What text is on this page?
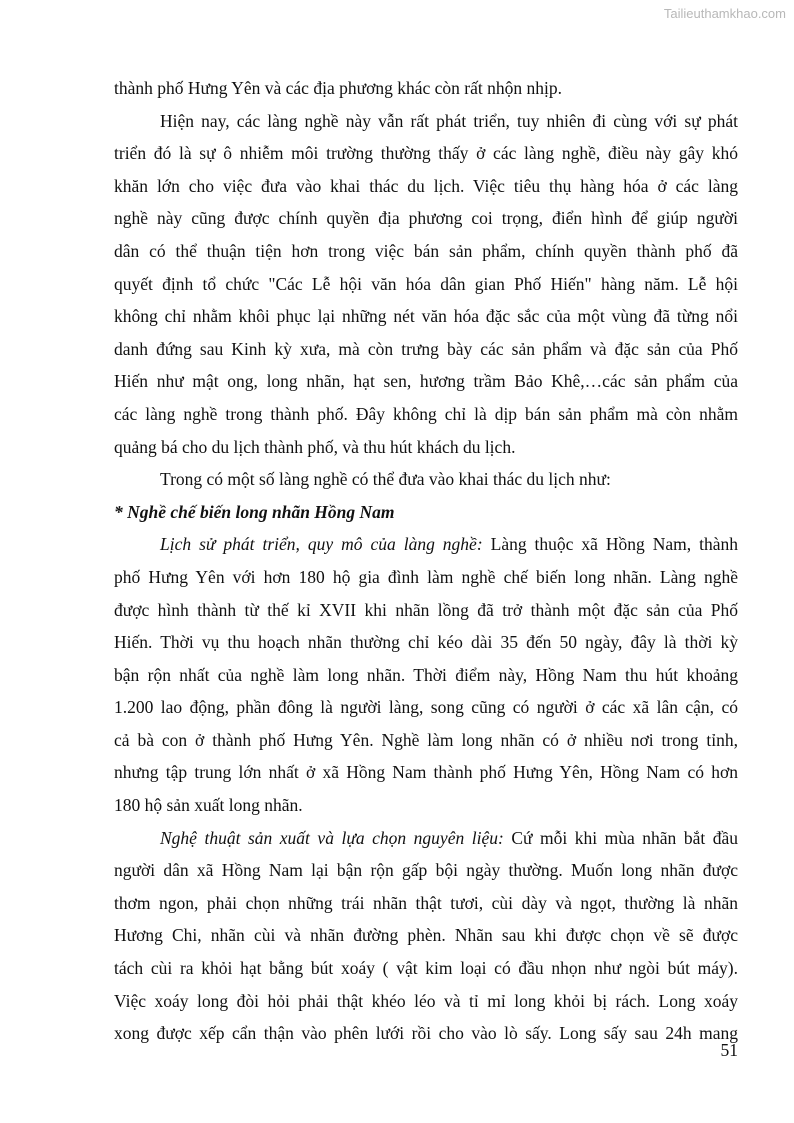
Tailieuthamkhao.com
thành phố Hưng Yên và các địa phương khác còn rất nhộn nhịp.
Hiện nay, các làng nghề này vẫn rất phát triển, tuy nhiên đi cùng với sự phát
triển đó là sự ô nhiễm môi trường thường thấy ở các làng nghề, điều này gây khó
khăn lớn cho việc đưa vào khai thác du lịch. Việc tiêu thụ hàng hóa ở các làng
nghề này cũng được chính quyền địa phương coi trọng, điển hình để giúp người
dân có thể thuận tiện hơn trong việc bán sản phẩm, chính quyền thành phố đã
quyết định tổ chức "Các Lễ hội văn hóa dân gian Phố Hiến" hàng năm. Lễ hội
không chỉ nhằm khôi phục lại những nét văn hóa đặc sắc của một vùng đã từng nổi
danh đứng sau Kinh kỳ xưa, mà còn trưng bày các sản phẩm và đặc sản của Phố
Hiến như mật ong, long nhãn, hạt sen, hương trầm Bảo Khê,…các sản phẩm của
các làng nghề trong thành phố. Đây không chỉ là dịp bán sản phẩm mà còn nhằm
quảng bá cho du lịch thành phố, và thu hút khách du lịch.
Trong có một số làng nghề có thể đưa vào khai thác du lịch như:
* Nghề chế biến long nhãn Hồng Nam
Lịch sử phát triển, quy mô của làng nghề: Làng thuộc xã Hồng Nam, thành
phố Hưng Yên với hơn 180 hộ gia đình làm nghề chế biến long nhãn. Làng nghề
được hình thành từ thế kỉ XVII khi nhãn lồng đã trở thành một đặc sản của Phố
Hiến. Thời vụ thu hoạch nhãn thường chỉ kéo dài 35 đến 50 ngày, đây là thời kỳ
bận rộn nhất của nghề làm long nhãn. Thời điểm này, Hồng Nam thu hút khoảng
1.200 lao động, phần đông là người làng, song cũng có người ở các xã lân cận, có
cả bà con ở thành phố Hưng Yên. Nghề làm long nhãn có ở nhiều nơi trong tỉnh,
nhưng tập trung lớn nhất ở xã Hồng Nam thành phố Hưng Yên, Hồng Nam có hơn
180 hộ sản xuất long nhãn.
Nghệ thuật sản xuất và lựa chọn nguyên liệu: Cứ mỗi khi mùa nhãn bắt đầu
người dân xã Hồng Nam lại bận rộn gấp bội ngày thường. Muốn long nhãn được
thơm ngon, phải chọn những trái nhãn thật tươi, cùi dày và ngọt, thường là nhãn
Hương Chi, nhãn cùi và nhãn đường phèn. Nhãn sau khi được chọn về sẽ được
tách cùi ra khỏi hạt bằng bút xoáy ( vật kim loại có đầu nhọn như ngòi bút máy).
Việc xoáy long đòi hỏi phải thật khéo léo và tỉ mỉ long khỏi bị rách. Long xoáy
xong được xếp cẩn thận vào phên lưới rồi cho vào lò sấy. Long sấy sau 24h mang
51
